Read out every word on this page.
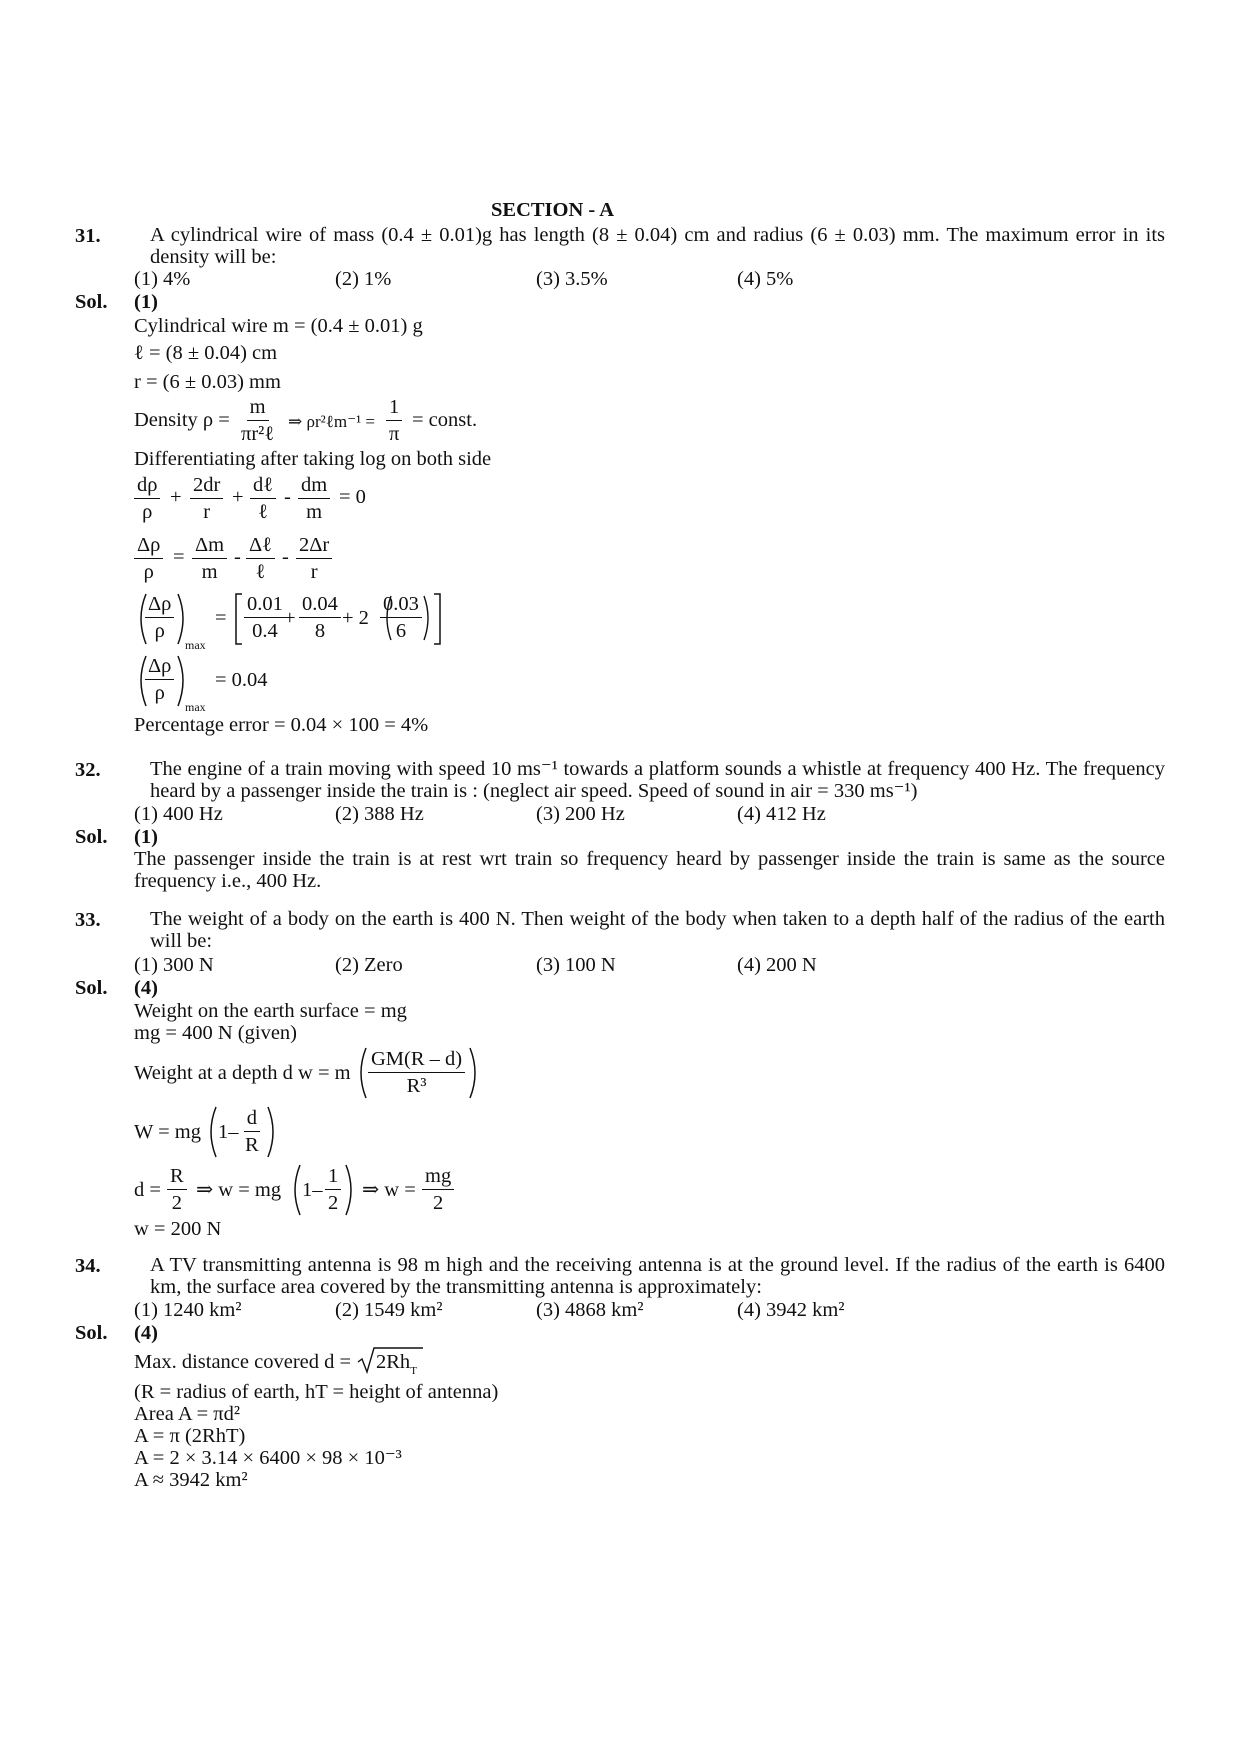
SECTION - A
31. A cylindrical wire of mass (0.4 ± 0.01)g has length (8 ± 0.04) cm and radius (6 ± 0.03) mm. The maximum error in its density will be:
(1) 4%	(2) 1%	(3) 3.5%	(4) 5%
Sol. (1)
Cylindrical wire m = (0.4 ± 0.01) g
ℓ = (8 ± 0.04) cm
r = (6 ± 0.03) mm
Density ρ =
m
πr²ℓ
⇒ ρr²ℓm⁻¹ = $\frac{1}{\pi}$ = const.
Differentiating after taking log on both side
$\frac{d\rho}{\rho} + \frac{2dr}{r}$ +
dℓ
ℓ
- $\frac{dm}{m} = 0$
$\frac{\Delta\rho}{\rho} = \frac{\Delta m}{m}$ -
Δℓ
ℓ
- $\frac{2\Delta r}{r}$
$\frac{\Delta\rho}{\rho}$
max
= $\frac{0.01}{0.4}$
+ $\frac{0.04}{8} + 2 \frac{0.03}{6}$
$\frac{\Delta\rho}{\rho}$
max
= 0.04
Percentage error = 0.04 × 100 = 4%
32. The engine of a train moving with speed 10 ms⁻¹ towards a platform sounds a whistle at frequency 400 Hz. The frequency heard by a passenger inside the train is : (neglect air speed. Speed of sound in air = 330 ms⁻¹)
(1) 400 Hz	(2) 388 Hz	(3) 200 Hz	(4) 412 Hz
Sol. (1)
The passenger inside the train is at rest wrt train so frequency heard by passenger inside the train is same as the source frequency i.e., 400 Hz.
33. The weight of a body on the earth is 400 N. Then weight of the body when taken to a depth half of the radius of the earth will be:
(1) 300 N	(2) Zero	(3) 100 N	(4) 200 N
Sol. (4)
Weight on the earth surface = mg
mg = 400 N (given)
Weight at a depth d w = m $\frac{GM(R - d)}{\text{R³}}$
W = mg $1- \frac{d}{R}$
$d = \frac{R}{2}$ ⇒ w = mg $1- \frac{1}{2}$ ⇒ $w = \frac{mg}{2}$
w = 200 N
34. A TV transmitting antenna is 98 m high and the receiving antenna is at the ground level. If the radius of the earth is 6400 km, the surface area covered by the transmitting antenna is approximately:
(1) 1240 km²	(2) 1549 km²	(3) 4868 km²	(4) 3942 km²
Sol. (4)
Max. distance covered $d = 2Rh_T$
(R = radius of earth, hT = height of antenna)
Area A = πd²
A = π (2RhT)
A = 2 × 3.14 × 6400 × 98 × 10⁻³
A ≈ 3942 km²
